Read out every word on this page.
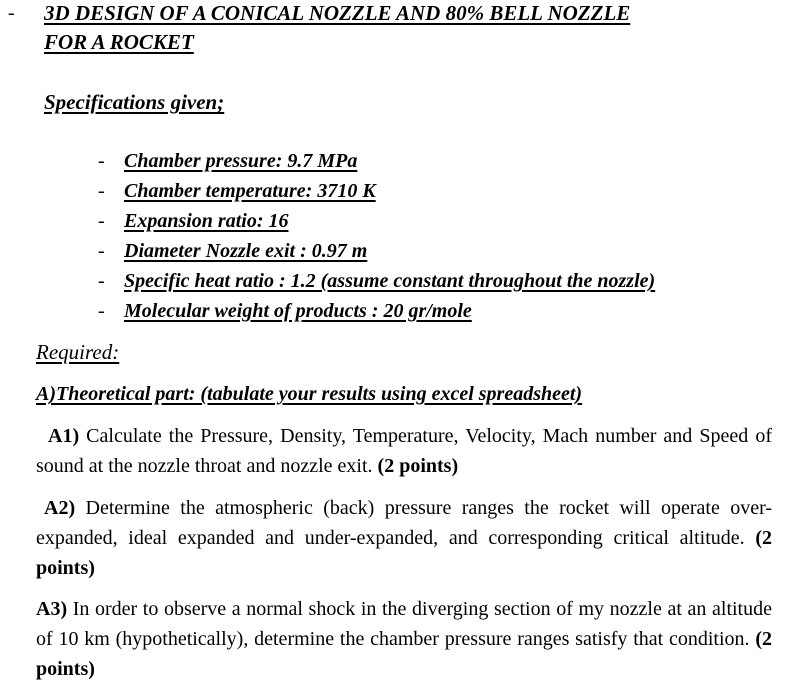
- 3D DESIGN OF A CONICAL NOZZLE AND 80% BELL NOZZLE
FOR A ROCKET
Specifications given;
- Chamber pressure: 9.7 MPa
- Chamber temperature: 3710 K
- Expansion ratio: 16
- Diameter Nozzle exit : 0.97 m
- Specific heat ratio : 1.2 (assume constant throughout the nozzle)
- Molecular weight of products : 20 gr/mole
Required:
A)Theoretical part: (tabulate your results using excel spreadsheet)

A1) Calculate the Pressure, Density, Temperature, Velocity, Mach number and Speed of sound at the nozzle throat and nozzle exit. (2 points)

A2) Determine the atmospheric (back) pressure ranges the rocket will operate over-expanded, ideal expanded and under-expanded, and corresponding critical altitude. (2 points)

A3) In order to observe a normal shock in the diverging section of my nozzle at an altitude of 10 km (hypothetically), determine the chamber pressure ranges satisfy that condition. (2 points)
